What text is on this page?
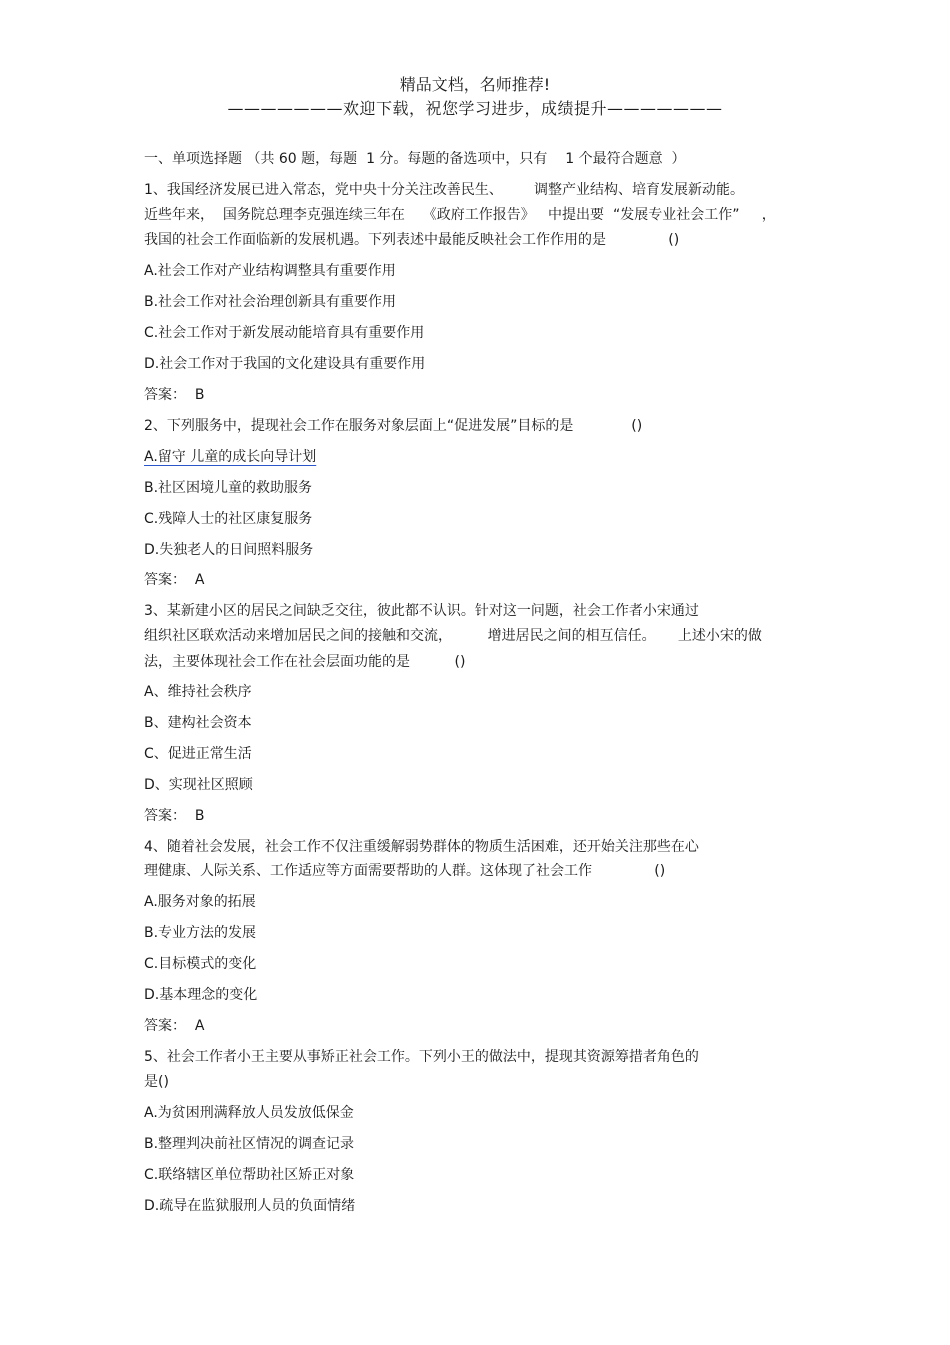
精品文档，名师推荐!
———————欢迎下载，祝您学习进步，成绩提升———————
一、单项选择题 （共 60 题，每题  1 分。每题的备选项中，只有    1 个最符合题意  ）
1、我国经济发展已进入常态，党中央十分关注改善民生、       调整产业结构、培育发展新动能。
近些年来，  国务院总理李克强连续三年在    《政府工作报告》   中提出要  “发展专业社会工作”     ，
我国的社会工作面临新的发展机遇。下列表述中最能反映社会工作作用的是              ()
A.社会工作对产业结构调整具有重要作用
B.社会工作对社会治理创新具有重要作用
C.社会工作对于新发展动能培育具有重要作用
D.社会工作对于我国的文化建设具有重要作用
答案：  B
2、下列服务中，提现社会工作在服务对象层面上“促进发展”目标的是             ()
A.留守 儿童的成长向导计划
B.社区困境儿童的救助服务
C.残障人士的社区康复服务
D.失独老人的日间照料服务
答案：  A
3、某新建小区的居民之间缺乏交往，彼此都不认识。针对这一问题，社会工作者小宋通过
组织社区联欢活动来增加居民之间的接触和交流，        增进居民之间的相互信任。     上述小宋的做
法，主要体现社会工作在社会层面功能的是          ()
A、维持社会秩序
B、建构社会资本
C、促进正常生活
D、实现社区照顾
答案：  B
4、随着社会发展，社会工作不仅注重缓解弱势群体的物质生活困难，还开始关注那些在心
理健康、人际关系、工作适应等方面需要帮助的人群。这体现了社会工作              ()
A.服务对象的拓展
B.专业方法的发展
C.目标模式的变化
D.基本理念的变化
答案：  A
5、社会工作者小王主要从事矫正社会工作。下列小王的做法中，提现其资源筹措者角色的
是()
A.为贫困刑满释放人员发放低保金
B.整理判决前社区情况的调查记录
C.联络辖区单位帮助社区矫正对象
D.疏导在监狱服刑人员的负面情绪
